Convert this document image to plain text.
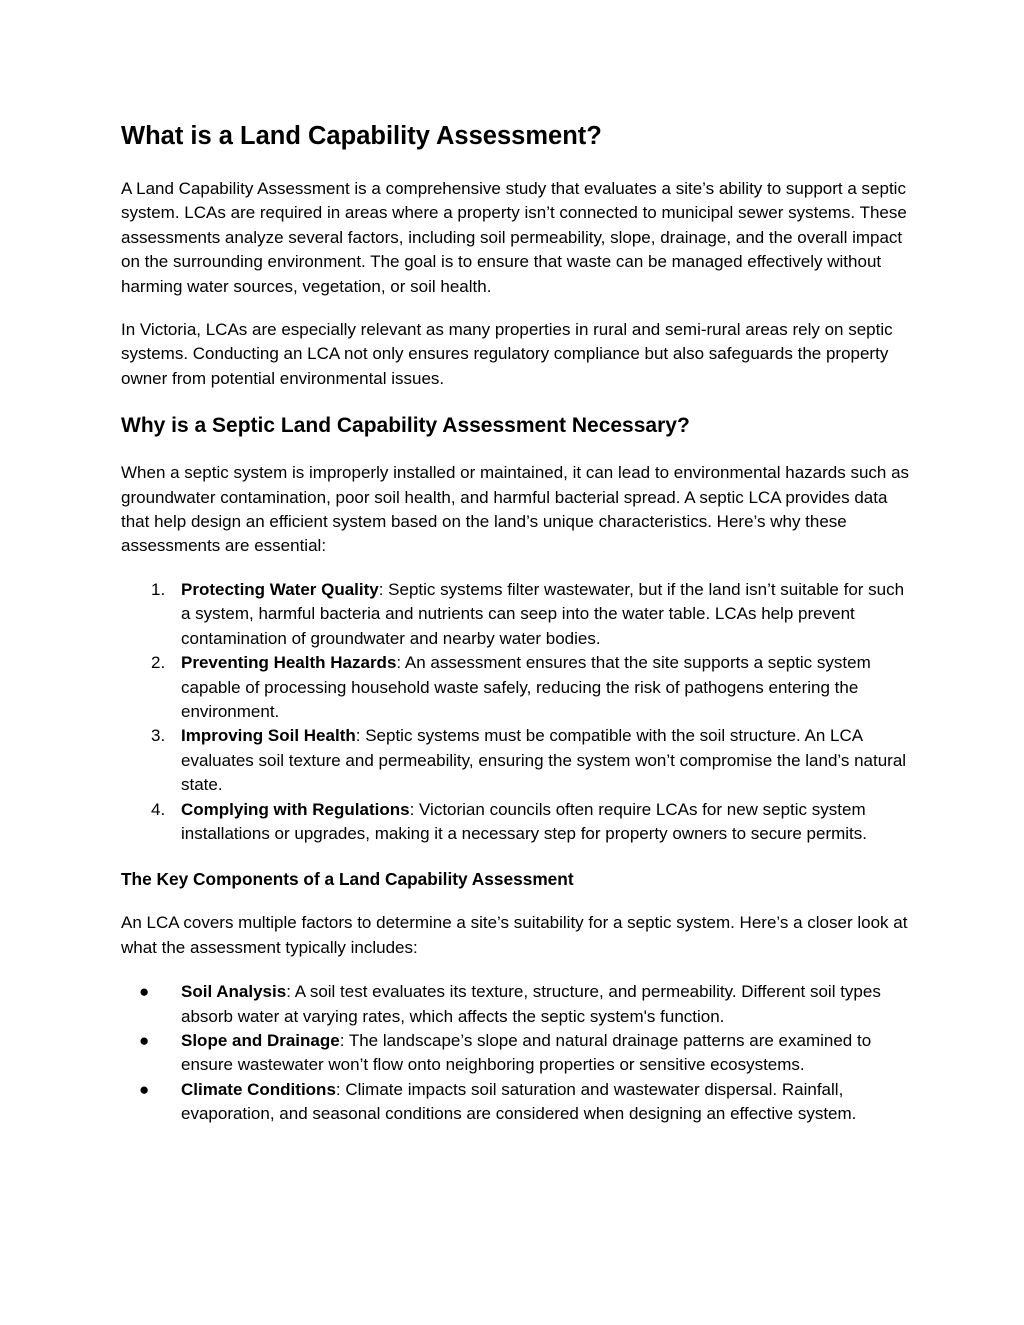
What is a Land Capability Assessment?

A Land Capability Assessment is a comprehensive study that evaluates a site’s ability to support a septic system. LCAs are required in areas where a property isn’t connected to municipal sewer systems. These assessments analyze several factors, including soil permeability, slope, drainage, and the overall impact on the surrounding environment. The goal is to ensure that waste can be managed effectively without harming water sources, vegetation, or soil health.

In Victoria, LCAs are especially relevant as many properties in rural and semi-rural areas rely on septic systems. Conducting an LCA not only ensures regulatory compliance but also safeguards the property owner from potential environmental issues.

Why is a Septic Land Capability Assessment Necessary?

When a septic system is improperly installed or maintained, it can lead to environmental hazards such as groundwater contamination, poor soil health, and harmful bacterial spread. A septic LCA provides data that help design an efficient system based on the land’s unique characteristics. Here’s why these assessments are essential:

1. Protecting Water Quality: Septic systems filter wastewater, but if the land isn’t suitable for such a system, harmful bacteria and nutrients can seep into the water table. LCAs help prevent contamination of groundwater and nearby water bodies.
2. Preventing Health Hazards: An assessment ensures that the site supports a septic system capable of processing household waste safely, reducing the risk of pathogens entering the environment.
3. Improving Soil Health: Septic systems must be compatible with the soil structure. An LCA evaluates soil texture and permeability, ensuring the system won’t compromise the land’s natural state.
4. Complying with Regulations: Victorian councils often require LCAs for new septic system installations or upgrades, making it a necessary step for property owners to secure permits.
The Key Components of a Land Capability Assessment

An LCA covers multiple factors to determine a site’s suitability for a septic system. Here’s a closer look at what the assessment typically includes:

● Soil Analysis: A soil test evaluates its texture, structure, and permeability. Different soil types absorb water at varying rates, which affects the septic system's function.
● Slope and Drainage: The landscape’s slope and natural drainage patterns are examined to ensure wastewater won’t flow onto neighboring properties or sensitive ecosystems.
● Climate Conditions: Climate impacts soil saturation and wastewater dispersal. Rainfall, evaporation, and seasonal conditions are considered when designing an effective system.
